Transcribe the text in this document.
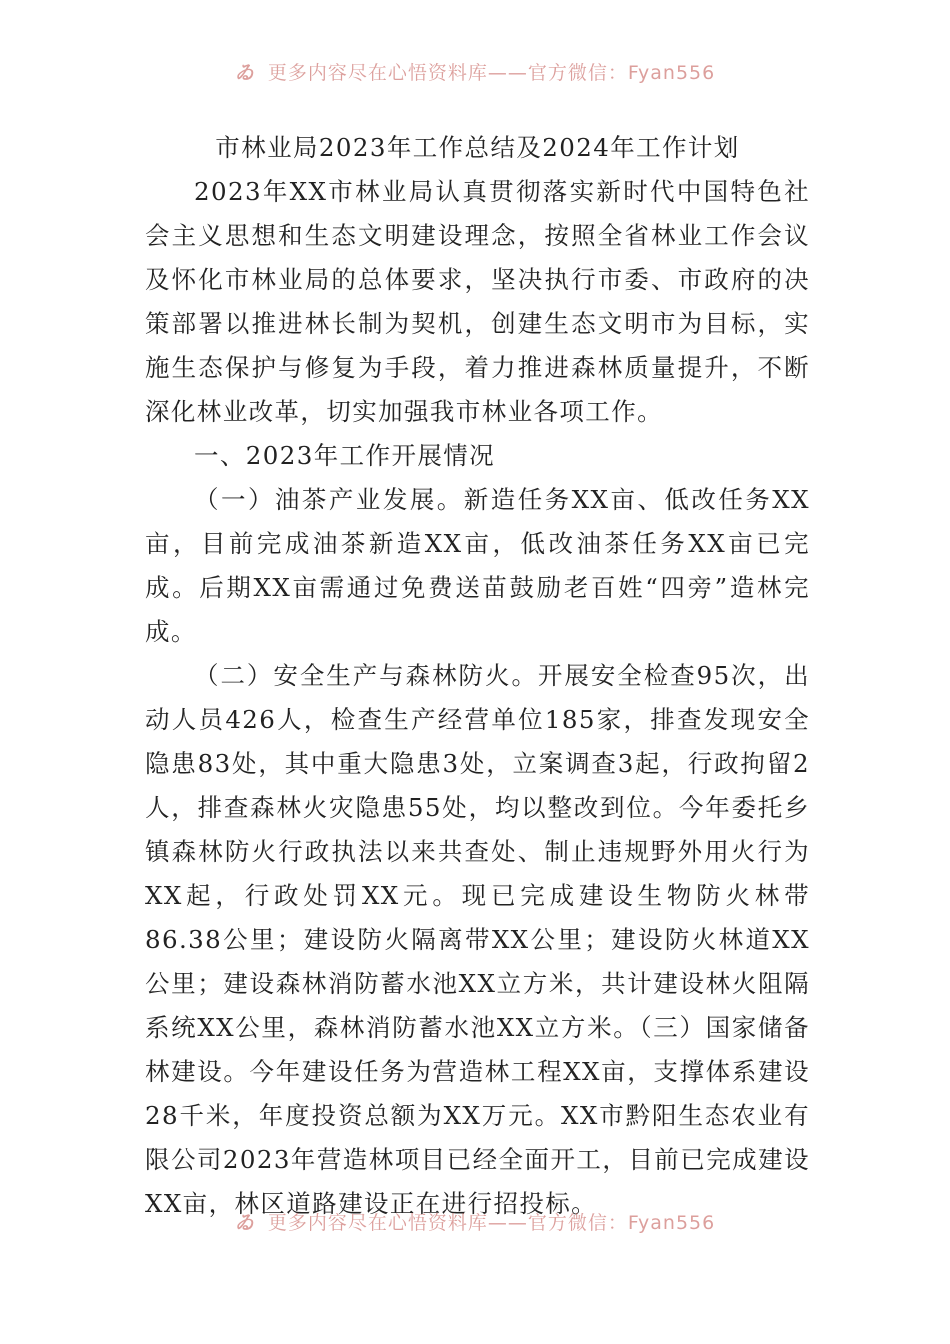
ゐ 更多内容尽在心悟资料库——官方微信：Fyan556

市林业局2023年工作总结及2024年工作计划

2023年XX市林业局认真贯彻落实新时代中国特色社会主义思想和生态文明建设理念，按照全省林业工作会议及怀化市林业局的总体要求，坚决执行市委、市政府的决策部署以推进林长制为契机，创建生态文明市为目标，实施生态保护与修复为手段，着力推进森林质量提升，不断深化林业改革，切实加强我市林业各项工作。

一、2023年工作开展情况

（一）油茶产业发展。新造任务XX亩、低改任务XX亩，目前完成油茶新造XX亩，低改油茶任务XX亩已完成。后期XX亩需通过免费送苗鼓励老百姓“四旁”造林完成。

（二）安全生产与森林防火。开展安全检查95次，出动人员426人，检查生产经营单位185家，排查发现安全隐患83处，其中重大隐患3处，立案调查3起，行政拘留2人，排查森林火灾隐患55处，均以整改到位。今年委托乡镇森林防火行政执法以来共查处、制止违规野外用火行为XX起，行政处罚XX元。现已完成建设生物防火林带86.38公里；建设防火隔离带XX公里；建设防火林道XX公里；建设森林消防蓄水池XX立方米，共计建设林火阻隔系统XX公里，森林消防蓄水池XX立方米。（三）国家储备林建设。今年建设任务为营造林工程XX亩，支撑体系建设28千米，年度投资总额为XX万元。XX市黔阳生态农业有限公司2023年营造林项目已经全面开工，目前已完成建设XX亩，林区道路建设正在进行招投标。

ゐ 更多内容尽在心悟资料库——官方微信：Fyan556
